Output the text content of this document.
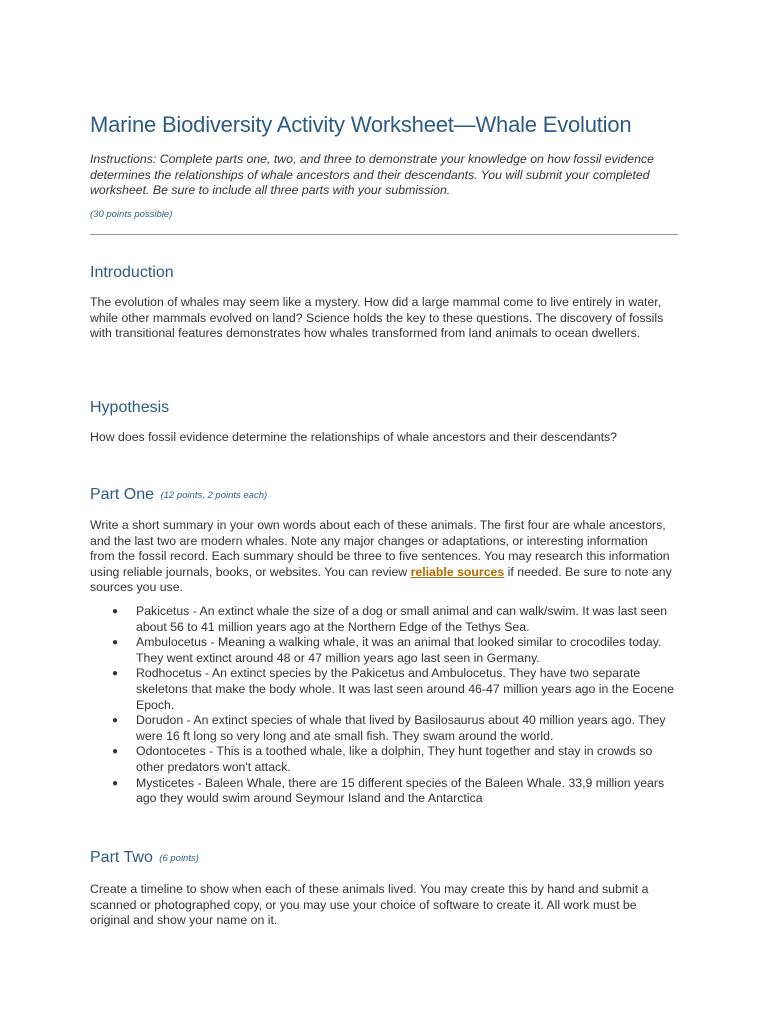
Marine Biodiversity Activity Worksheet—Whale Evolution

Instructions: Complete parts one, two, and three to demonstrate your knowledge on how fossil evidence determines the relationships of whale ancestors and their descendants. You will submit your completed worksheet. Be sure to include all three parts with your submission.

(30 points possible)

Introduction

The evolution of whales may seem like a mystery. How did a large mammal come to live entirely in water, while other mammals evolved on land? Science holds the key to these questions. The discovery of fossils with transitional features demonstrates how whales transformed from land animals to ocean dwellers.

Hypothesis

How does fossil evidence determine the relationships of whale ancestors and their descendants?

Part One (12 points, 2 points each)

Write a short summary in your own words about each of these animals. The first four are whale ancestors, and the last two are modern whales. Note any major changes or adaptations, or interesting information from the fossil record. Each summary should be three to five sentences. You may research this information using reliable journals, books, or websites. You can review reliable sources if needed. Be sure to note any sources you use.

● Pakicetus - An extinct whale the size of a dog or small animal and can walk/swim. It was last seen about 56 to 41 million years ago at the Northern Edge of the Tethys Sea.
● Ambulocetus - Meaning a walking whale, it was an animal that looked similar to crocodiles today. They went extinct around 48 or 47 million years ago last seen in Germany.
● Rodhocetus - An extinct species by the Pakicetus and Ambulocetus. They have two separate skeletons that make the body whole. It was last seen around 46-47 million years ago in the Eocene Epoch.
● Dorudon - An extinct species of whale that lived by Basilosaurus about 40 million years ago. They were 16 ft long so very long and ate small fish. They swam around the world.
● Odontocetes - This is a toothed whale, like a dolphin, They hunt together and stay in crowds so other predators won't attack.
● Mysticetes - Baleen Whale, there are 15 different species of the Baleen Whale. 33,9 million years ago they would swim around Seymour Island and the Antarctica
Part Two (6 points)

Create a timeline to show when each of these animals lived. You may create this by hand and submit a scanned or photographed copy, or you may use your choice of software to create it. All work must be original and show your name on it.
